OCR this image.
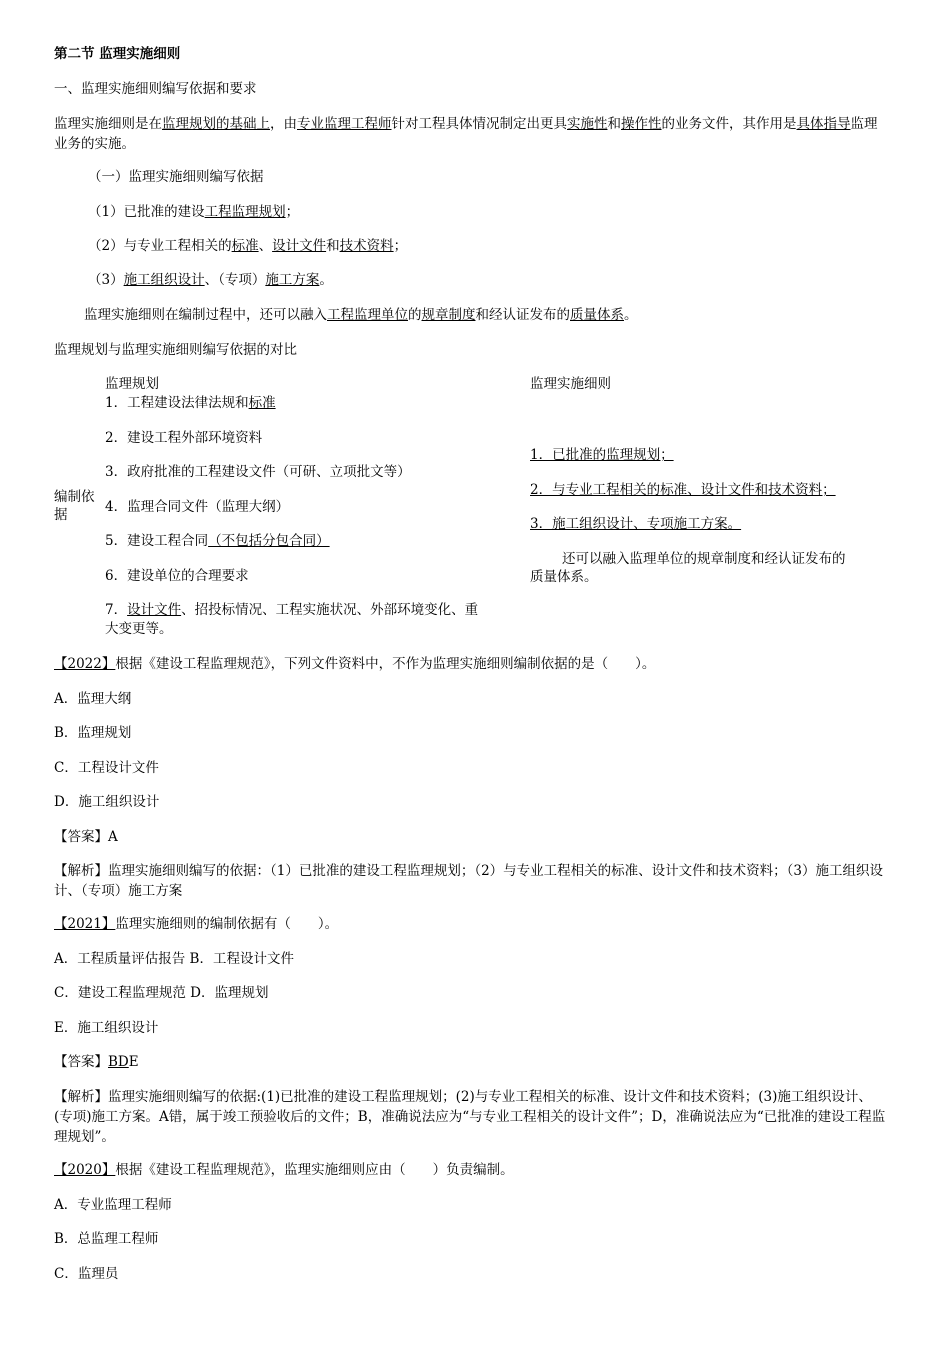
第二节 监理实施细则
一、监理实施细则编写依据和要求
监理实施细则是在监理规划的基础上，由专业监理工程师针对工程具体情况制定出更具实施性和操作性的业务文件，其作用是具体指导监理业务的实施。
（一）监理实施细则编写依据
（1）已批准的建设工程监理规划；
（2）与专业工程相关的标准、设计文件和技术资料；
（3）施工组织设计、（专项）施工方案。
监理实施细则在编制过程中，还可以融入工程监理单位的规章制度和经认证发布的质量体系。
监理规划与监理实施细则编写依据的对比
编制依
据
监理规划
1．工程建设法律法规和标准
2．建设工程外部环境资料
3．政府批准的工程建设文件（可研、立项批文等）
4．监理合同文件（监理大纲）
5．建设工程合同（不包括分包合同）
6．建设单位的合理要求
7．设计文件、招投标情况、工程实施状况、外部环境变化、重
大变更等。
监理实施细则
1．已批准的监理规划；
2．与专业工程相关的标准、设计文件和技术资料；
3．施工组织设计、专项施工方案。
还可以融入监理单位的规章制度和经认证发布的
质量体系。
【2022】根据《建设工程监理规范》，下列文件资料中，不作为监理实施细则编制依据的是（　　）。
A．监理大纲
B．监理规划
C．工程设计文件
D．施工组织设计
【答案】A
【解析】监理实施细则编写的依据：（1）已批准的建设工程监理规划；（2）与专业工程相关的标准、设计文件和技术资料；（3）施工组织设计、（专项）施工方案
【2021】监理实施细则的编制依据有（　　）。
A．工程质量评估报告 B．工程设计文件
C．建设工程监理规范 D．监理规划
E．施工组织设计
【答案】BDE
【解析】监理实施细则编写的依据:(1)已批准的建设工程监理规划；(2)与专业工程相关的标准、设计文件和技术资料；(3)施工组织设计、(专项)施工方案。A错，属于竣工预验收后的文件；B，准确说法应为“与专业工程相关的设计文件”；D，准确说法应为“已批准的建设工程监理规划”。
【2020】根据《建设工程监理规范》，监理实施细则应由（　　）负责编制。
A．专业监理工程师
B．总监理工程师
C．监理员
